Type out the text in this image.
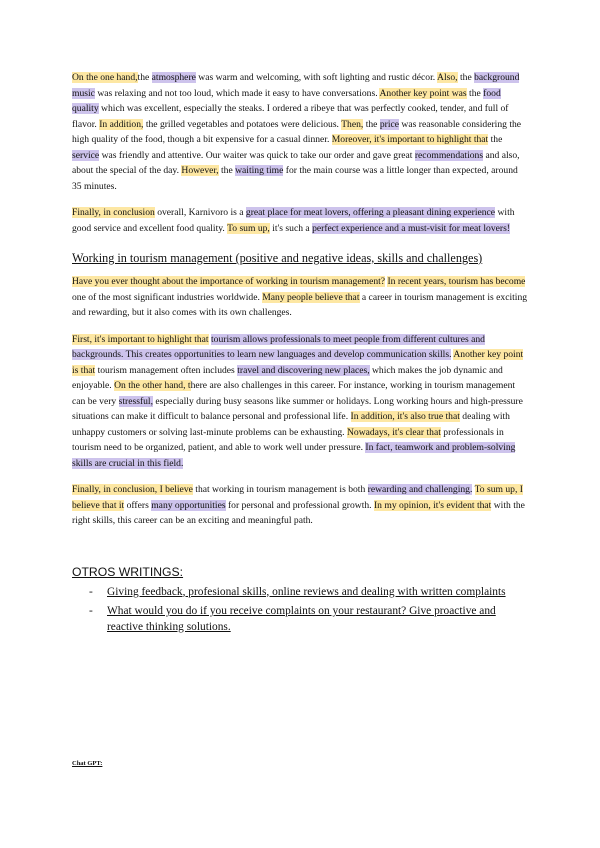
On the one hand,the atmosphere was warm and welcoming, with soft lighting and rustic décor. Also, the background music was relaxing and not too loud, which made it easy to have conversations. Another key point was the food quality which was excellent, especially the steaks. I ordered a ribeye that was perfectly cooked, tender, and full of flavor. In addition, the grilled vegetables and potatoes were delicious. Then, the price was reasonable considering the high quality of the food, though a bit expensive for a casual dinner. Moreover, it's important to highlight that the service was friendly and attentive. Our waiter was quick to take our order and gave great recommendations and also, about the special of the day. However, the waiting time for the main course was a little longer than expected, around 35 minutes.

Finally, in conclusion overall, Karnivoro is a great place for meat lovers, offering a pleasant dining experience with good service and excellent food quality. To sum up, it's such a perfect experience and a must-visit for meat lovers!

Working in tourism management (positive and negative ideas, skills and challenges)

Have you ever thought about the importance of working in tourism management? In recent years, tourism has become one of the most significant industries worldwide. Many people believe that a career in tourism management is exciting and rewarding, but it also comes with its own challenges.

First, it's important to highlight that tourism allows professionals to meet people from different cultures and backgrounds. This creates opportunities to learn new languages and develop communication skills. Another key point is that tourism management often includes travel and discovering new places, which makes the job dynamic and enjoyable. On the other hand, there are also challenges in this career. For instance, working in tourism management can be very stressful, especially during busy seasons like summer or holidays. Long working hours and high-pressure situations can make it difficult to balance personal and professional life. In addition, it's also true that dealing with unhappy customers or solving last-minute problems can be exhausting. Nowadays, it's clear that professionals in tourism need to be organized, patient, and able to work well under pressure. In fact, teamwork and problem-solving skills are crucial in this field.

Finally, in conclusion, I believe that working in tourism management is both rewarding and challenging. To sum up, I believe that it offers many opportunities for personal and professional growth. In my opinion, it's evident that with the right skills, this career can be an exciting and meaningful path.

OTROS WRITINGS:
- Giving feedback, profesional skills, online reviews and dealing with written complaints
- What would you do if you receive complaints on your restaurant? Give proactive and reactive thinking solutions.
Chat GPT:
